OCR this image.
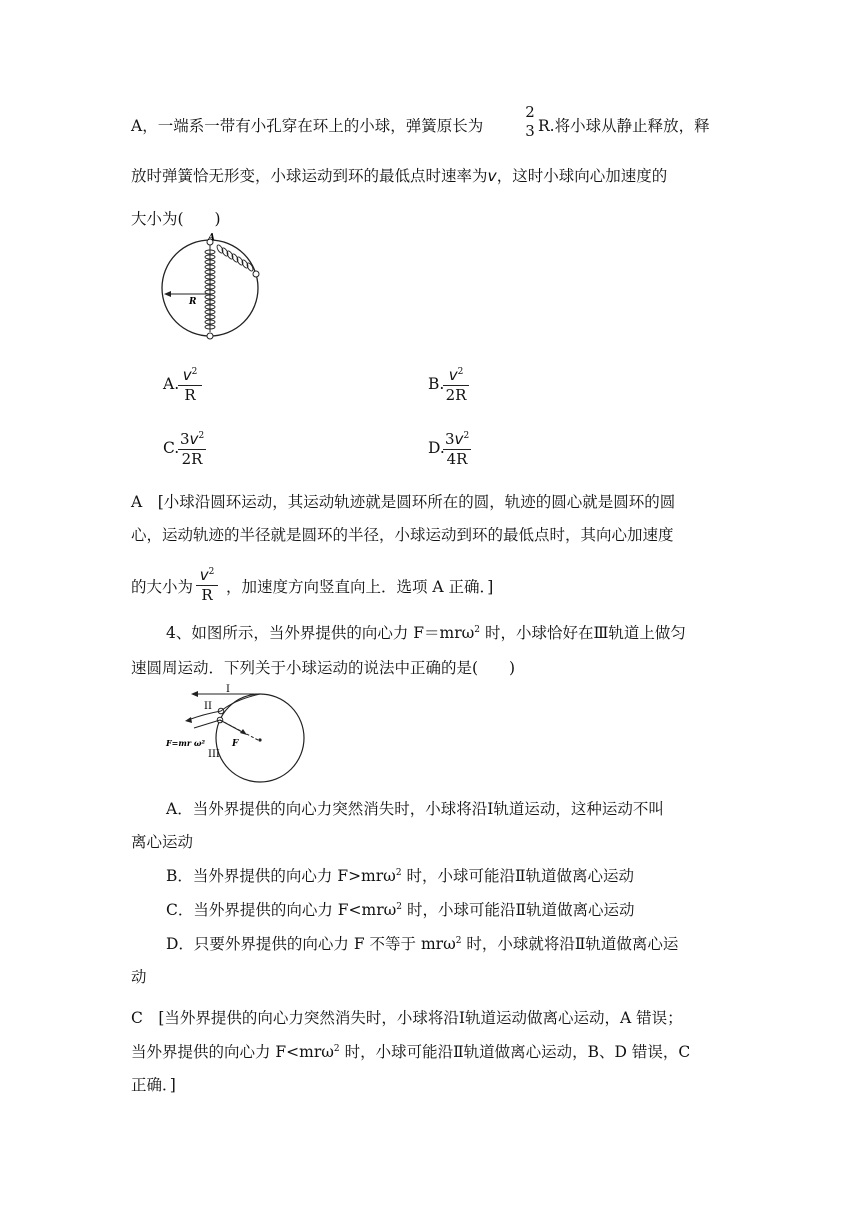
A，一端系一带有小孔穿在环上的小球，弹簧原长为
2
3 R.将小球从静止释放，释
放时弹簧恰无形变，小球运动到环的最低点时速率为v，这时小球向心加速度的
大小为(　　)
A
R
A.
$\frac{v^2}{R}$	B.
$\frac{v^2}{2R}$
C.
$\frac{3v^2}{2R}$	D.
$\frac{3v^2}{4R}$
A　[小球沿圆环运动，其运动轨迹就是圆环所在的圆，轨迹的圆心就是圆环的圆
心，运动轨迹的半径就是圆环的半径，小球运动到环的最低点时，其向心加速度
的大小为 $\frac{v^2}{R}$ ，加速度方向竖直向上．选项 A 正确．]
4、如图所示，当外界提供的向心力 F＝mrω$^2$ 时，小球恰好在Ⅲ轨道上做匀
速圆周运动．下列关于小球运动的说法中正确的是(　　)
I
II
F
F=mr ω²
III
A．当外界提供的向心力突然消失时，小球将沿Ⅰ轨道运动，这种运动不叫
离心运动
B．当外界提供的向心力 F>mrω$^2$ 时，小球可能沿Ⅱ轨道做离心运动
C．当外界提供的向心力 F<mrω$^2$ 时，小球可能沿Ⅱ轨道做离心运动
D．只要外界提供的向心力 F 不等于 mrω$^2$ 时，小球就将沿Ⅱ轨道做离心运
动
C　[当外界提供的向心力突然消失时，小球将沿Ⅰ轨道运动做离心运动，A 错误；
当外界提供的向心力 F<mrω$^2$ 时，小球可能沿Ⅱ轨道做离心运动，B、D 错误，C
正确．]
